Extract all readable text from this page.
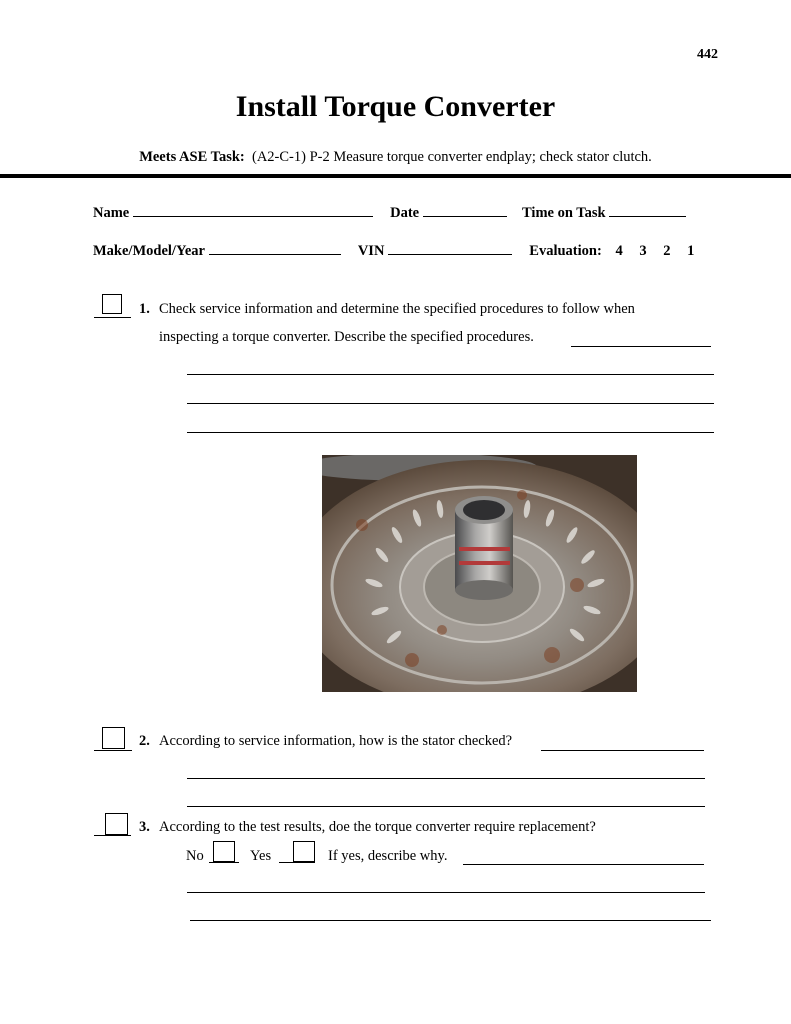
442
Install Torque Converter
Meets ASE Task: (A2-C-1) P-2 Measure torque converter endplay; check stator clutch.
Name	Date	Time on Task
Make/Model/Year	VIN	Evaluation: 4 3 2 1
1. Check service information and determine the specified procedures to follow when
inspecting a torque converter. Describe the specified procedures.
2. According to service information, how is the stator checked?
3. According to the test results, doe the torque converter require replacement?
No	Yes	If yes, describe why.
